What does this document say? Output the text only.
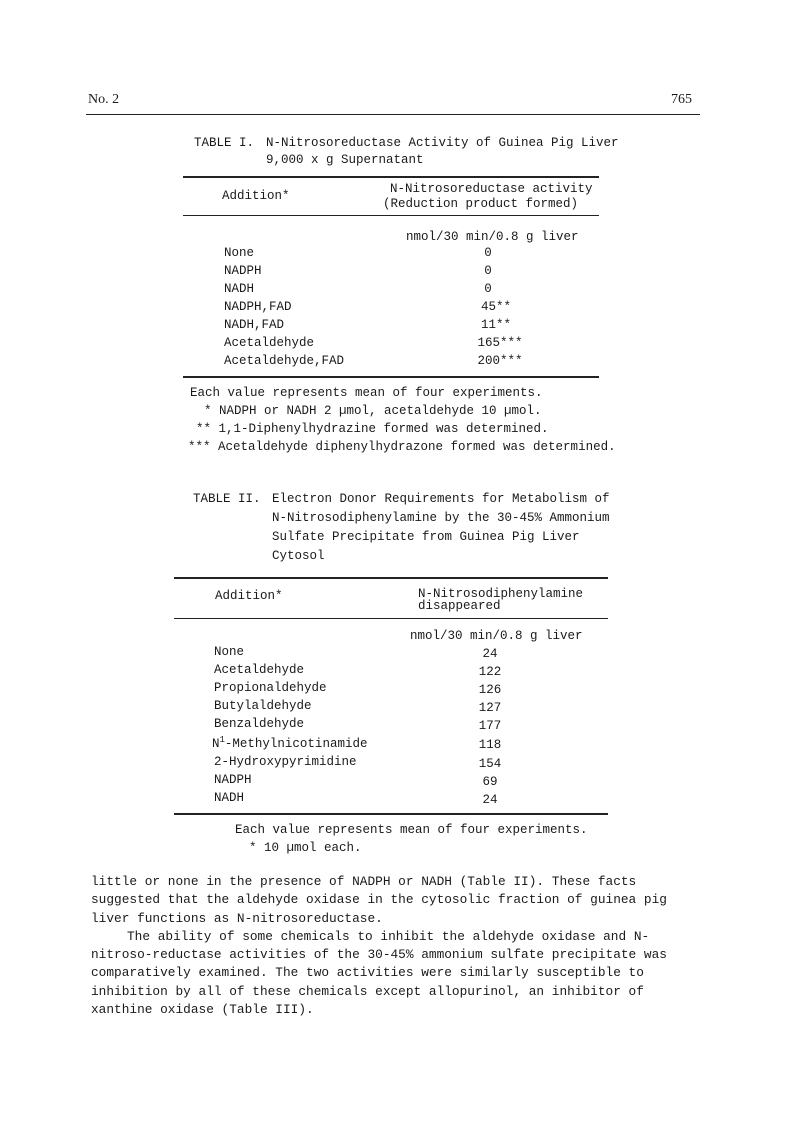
No. 2	765
TABLE I. N-Nitrosoreductase Activity of Guinea Pig Liver
9,000 x g Supernatant
Addition*	N-Nitrosoreductase activity
(Reduction product formed)
nmol/30 min/0.8 g liver
None	0
NADPH	0
NADH	0
NADPH,FAD	45**
NADH,FAD	11**
Acetaldehyde	165***
Acetaldehyde,FAD	200***
Each value represents mean of four experiments.
* NADPH or NADH 2 µmol, acetaldehyde 10 µmol.
** 1,1-Diphenylhydrazine formed was determined.
*** Acetaldehyde diphenylhydrazone formed was determined.
TABLE II. Electron Donor Requirements for Metabolism of
N-Nitrosodiphenylamine by the 30-45% Ammonium
Sulfate Precipitate from Guinea Pig Liver
Cytosol
Addition*	N-Nitrosodiphenylamine
disappeared
nmol/30 min/0.8 g liver
None	24
Acetaldehyde	122
Propionaldehyde	126
Butylaldehyde	127
Benzaldehyde	177
$N^1$-Methylnicotinamide	118
2-Hydroxypyrimidine	154
NADPH	69
NADH	24
Each value represents mean of four experiments.
* 10 µmol each.

little or none in the presence of NADPH or NADH (Table II). These facts suggested that the aldehyde oxidase in the cytosolic fraction of guinea pig liver functions as N-nitrosoreductase.

The ability of some chemicals to inhibit the aldehyde oxidase and N-nitroso-reductase activities of the 30-45% ammonium sulfate precipitate was comparatively examined. The two activities were similarly susceptible to inhibition by all of these chemicals except allopurinol, an inhibitor of xanthine oxidase (Table III).
